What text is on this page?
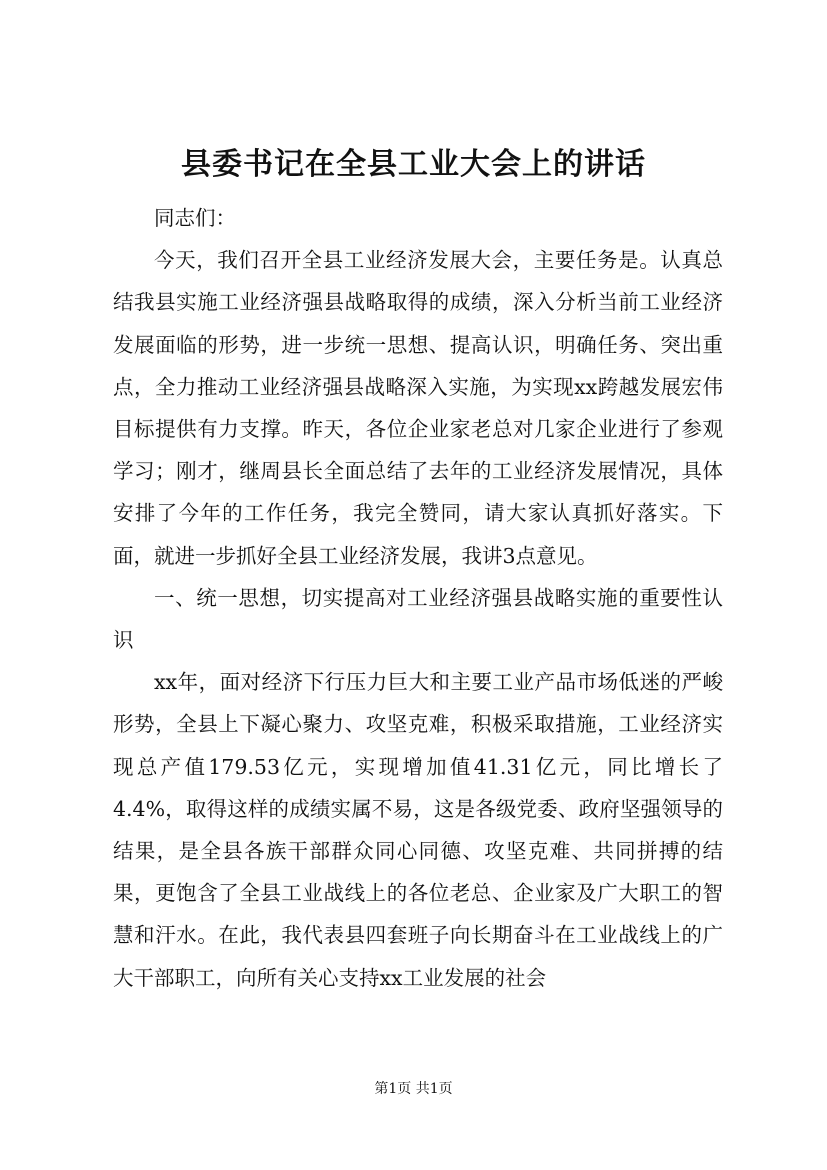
县委书记在全县工业大会上的讲话

同志们：

今天，我们召开全县工业经济发展大会，主要任务是。认真总结我县实施工业经济强县战略取得的成绩，深入分析当前工业经济发展面临的形势，进一步统一思想、提高认识，明确任务、突出重点，全力推动工业经济强县战略深入实施，为实现xx跨越发展宏伟目标提供有力支撑。昨天，各位企业家老总对几家企业进行了参观学习；刚才，继周县长全面总结了去年的工业经济发展情况，具体安排了今年的工作任务，我完全赞同，请大家认真抓好落实。下面，就进一步抓好全县工业经济发展，我讲3点意见。

一、统一思想，切实提高对工业经济强县战略实施的重要性认识

xx年，面对经济下行压力巨大和主要工业产品市场低迷的严峻形势，全县上下凝心聚力、攻坚克难，积极采取措施，工业经济实现总产值179.53亿元，实现增加值41.31亿元，同比增长了4.4%，取得这样的成绩实属不易，这是各级党委、政府坚强领导的结果，是全县各族干部群众同心同德、攻坚克难、共同拼搏的结果，更饱含了全县工业战线上的各位老总、企业家及广大职工的智慧和汗水。在此，我代表县四套班子向长期奋斗在工业战线上的广大干部职工，向所有关心支持xx工业发展的社会

第1页 共1页
